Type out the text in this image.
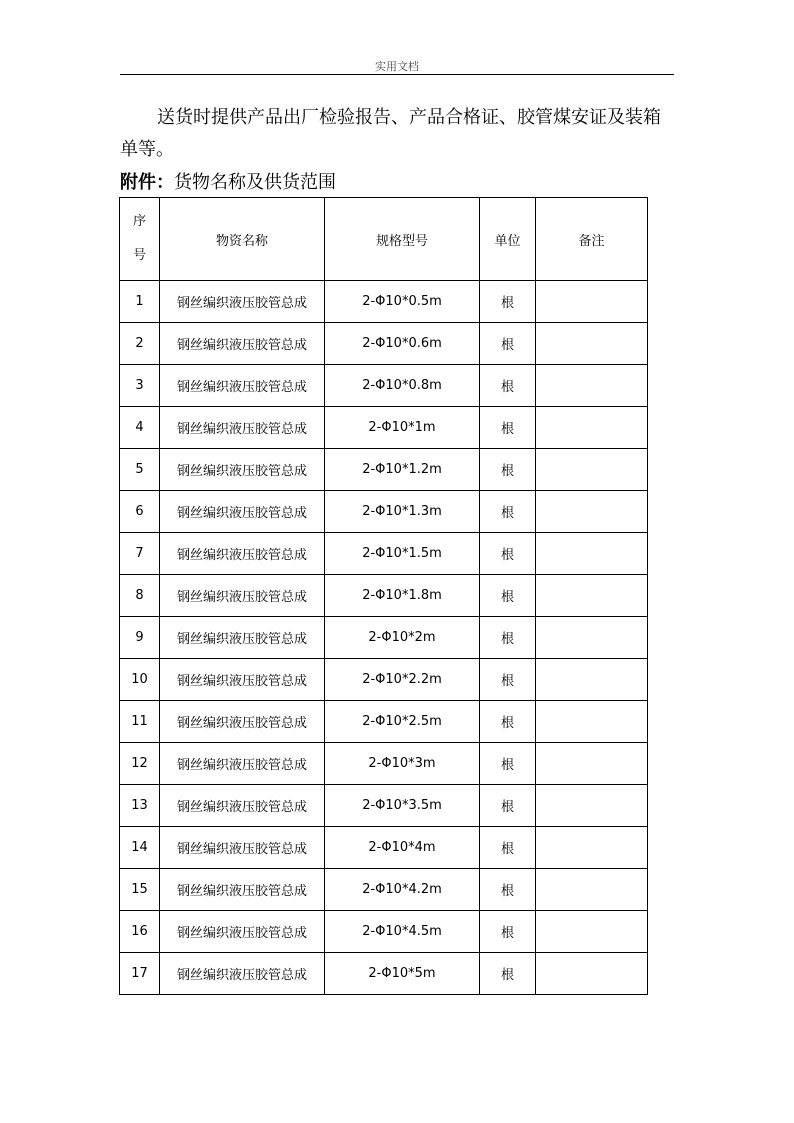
实用文档

送货时提供产品出厂检验报告、产品合格证、胶管煤安证及装箱单等。

附件：货物名称及供货范围

序号	物资名称	规格型号	单位	备注
1	钢丝编织液压胶管总成	2-Φ10*0.5m	根	
2	钢丝编织液压胶管总成	2-Φ10*0.6m	根	
3	钢丝编织液压胶管总成	2-Φ10*0.8m	根	
4	钢丝编织液压胶管总成	2-Φ10*1m	根	
5	钢丝编织液压胶管总成	2-Φ10*1.2m	根	
6	钢丝编织液压胶管总成	2-Φ10*1.3m	根	
7	钢丝编织液压胶管总成	2-Φ10*1.5m	根	
8	钢丝编织液压胶管总成	2-Φ10*1.8m	根	
9	钢丝编织液压胶管总成	2-Φ10*2m	根	
10	钢丝编织液压胶管总成	2-Φ10*2.2m	根	
11	钢丝编织液压胶管总成	2-Φ10*2.5m	根	
12	钢丝编织液压胶管总成	2-Φ10*3m	根	
13	钢丝编织液压胶管总成	2-Φ10*3.5m	根	
14	钢丝编织液压胶管总成	2-Φ10*4m	根	
15	钢丝编织液压胶管总成	2-Φ10*4.2m	根	
16	钢丝编织液压胶管总成	2-Φ10*4.5m	根	
17	钢丝编织液压胶管总成	2-Φ10*5m	根	
